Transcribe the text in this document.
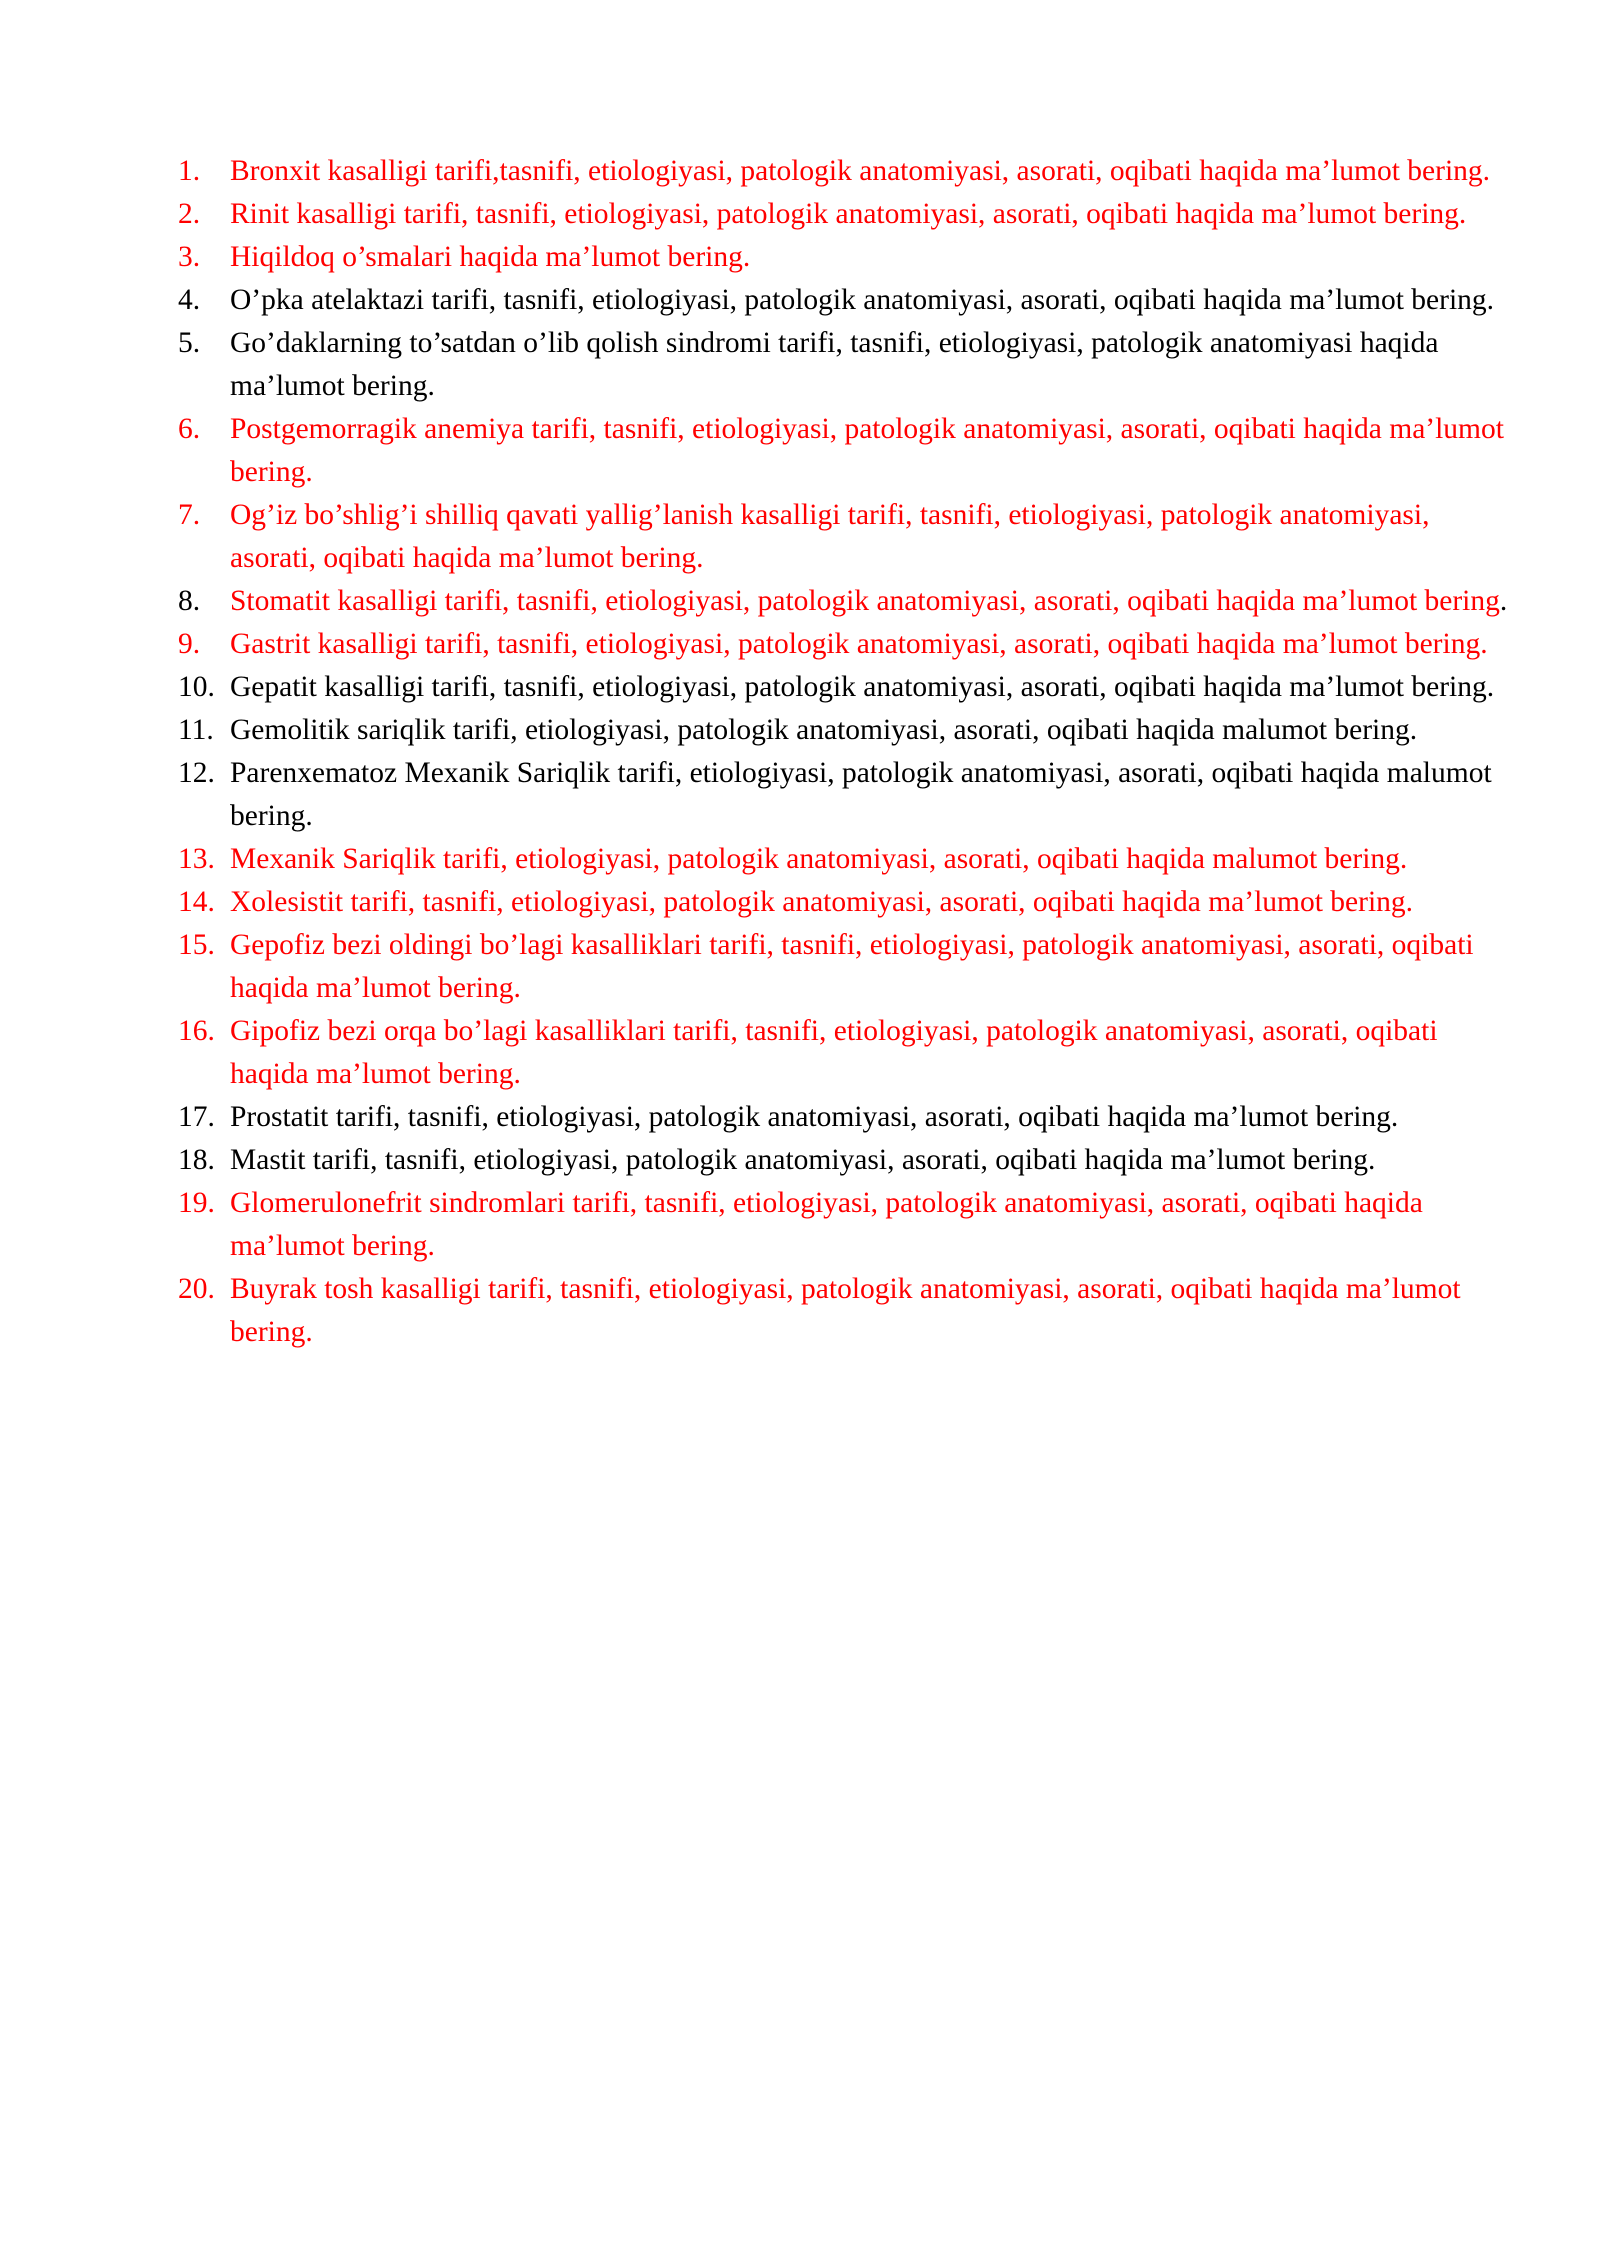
1.	Bronxit kasalligi tarifi,tasnifi, etiologiyasi, patologik anatomiyasi, asorati, oqibati haqida ma’lumot bering.
2.	Rinit kasalligi tarifi, tasnifi, etiologiyasi, patologik anatomiyasi, asorati, oqibati haqida ma’lumot bering.
3.	Hiqildoq o’smalari haqida ma’lumot bering.
4.	O’pka atelaktazi tarifi, tasnifi, etiologiyasi, patologik anatomiyasi, asorati, oqibati haqida ma’lumot bering.
5.	Go’daklarning to’satdan o’lib qolish sindromi tarifi, tasnifi, etiologiyasi, patologik anatomiyasi haqida ma’lumot bering.
6.	Postgemorragik anemiya tarifi, tasnifi, etiologiyasi, patologik anatomiyasi, asorati, oqibati haqida ma’lumot bering.
7.	Og’iz bo’shlig’i shilliq qavati yallig’lanish kasalligi tarifi, tasnifi, etiologiyasi, patologik anatomiyasi, asorati, oqibati haqida ma’lumot bering.
8.	Stomatit kasalligi tarifi, tasnifi, etiologiyasi, patologik anatomiyasi, asorati, oqibati haqida ma’lumot bering.
9.	Gastrit kasalligi tarifi, tasnifi, etiologiyasi, patologik anatomiyasi, asorati, oqibati haqida ma’lumot bering.
10. Gepatit kasalligi tarifi, tasnifi, etiologiyasi, patologik anatomiyasi, asorati, oqibati haqida ma’lumot bering.
11. Gemolitik sariqlik tarifi, etiologiyasi, patologik anatomiyasi, asorati, oqibati haqida malumot bering.
12. Parenxematoz Mexanik Sariqlik tarifi, etiologiyasi, patologik anatomiyasi, asorati, oqibati haqida malumot bering.
13. Mexanik Sariqlik tarifi, etiologiyasi, patologik anatomiyasi, asorati, oqibati haqida malumot bering.
14. Xolesistit tarifi, tasnifi, etiologiyasi, patologik anatomiyasi, asorati, oqibati haqida ma’lumot bering.
15. Gepofiz bezi oldingi bo’lagi kasalliklari tarifi, tasnifi, etiologiyasi, patologik anatomiyasi, asorati, oqibati haqida ma’lumot bering.
16. Gipofiz bezi orqa bo’lagi kasalliklari tarifi, tasnifi, etiologiyasi, patologik anatomiyasi, asorati, oqibati haqida ma’lumot bering.
17. Prostatit tarifi, tasnifi, etiologiyasi, patologik anatomiyasi, asorati, oqibati haqida ma’lumot bering.
18. Mastit tarifi, tasnifi, etiologiyasi, patologik anatomiyasi, asorati, oqibati haqida ma’lumot bering.
19. Glomerulonefrit sindromlari tarifi, tasnifi, etiologiyasi, patologik anatomiyasi, asorati, oqibati haqida ma’lumot bering.
20. Buyrak tosh kasalligi tarifi, tasnifi, etiologiyasi, patologik anatomiyasi, asorati, oqibati haqida ma’lumot bering.
